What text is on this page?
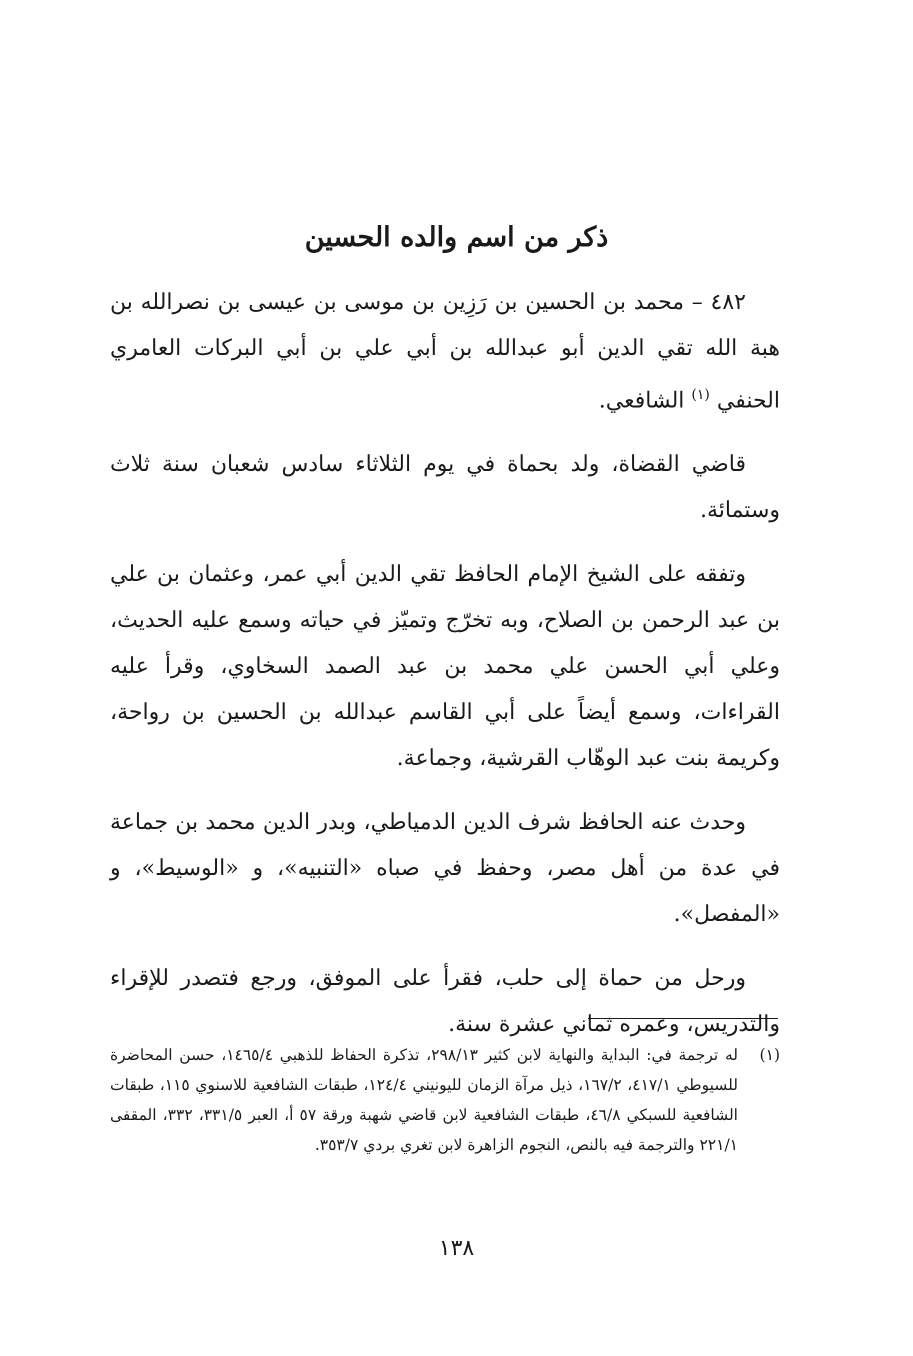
ذكر من اسم والده الحسين

٤٨٢ – محمد بن الحسين بن رَزِين بن موسى بن عيسى بن نصرالله بن هبة الله تقي الدين أبو عبدالله بن أبي علي بن أبي البركات العامري الحنفي $^{(١)}$ الشافعي.

قاضي القضاة، ولد بحماة في يوم الثلاثاء سادس شعبان سنة ثلاث وستمائة.

وتفقه على الشيخ الإمام الحافظ تقي الدين أبي عمر، وعثمان بن علي بن عبد الرحمن بن الصلاح، وبه تخرّج وتميّز في حياته وسمع عليه الحديث، وعلي أبي الحسن علي محمد بن عبد الصمد السخاوي، وقرأ عليه القراءات، وسمع أيضاً على أبي القاسم عبدالله بن الحسين بن رواحة، وكريمة بنت عبد الوهّاب القرشية، وجماعة.

وحدث عنه الحافظ شرف الدين الدمياطي، وبدر الدين محمد بن جماعة في عدة من أهل مصر، وحفظ في صباه «التنبيه»، و «الوسيط»، و «المفصل».

ورحل من حماة إلى حلب، فقرأ على الموفق، ورجع فتصدر للإقراء والتدريس، وعمره ثماني عشرة سنة.

(١)
له ترجمة في: البداية والنهاية لابن كثير ٢٩٨/١٣، تذكرة الحفاظ للذهبي ١٤٦٥/٤، حسن المحاضرة للسيوطي ٤١٧/١، ١٦٧/٢، ذيل مرآة الزمان لليونيني ١٢٤/٤، طبقات الشافعية للاسنوي ١١٥، طبقات الشافعية للسبكي ٤٦/٨، طبقات الشافعية لابن قاضي شهبة ورقة ٥٧ أ، العبر ٣٣١/٥، ٣٣٢، المقفى ٢٢١/١ والترجمة فيه بالنص، النجوم الزاهرة لابن تغري بردي ٣٥٣/٧.
١٣٨
